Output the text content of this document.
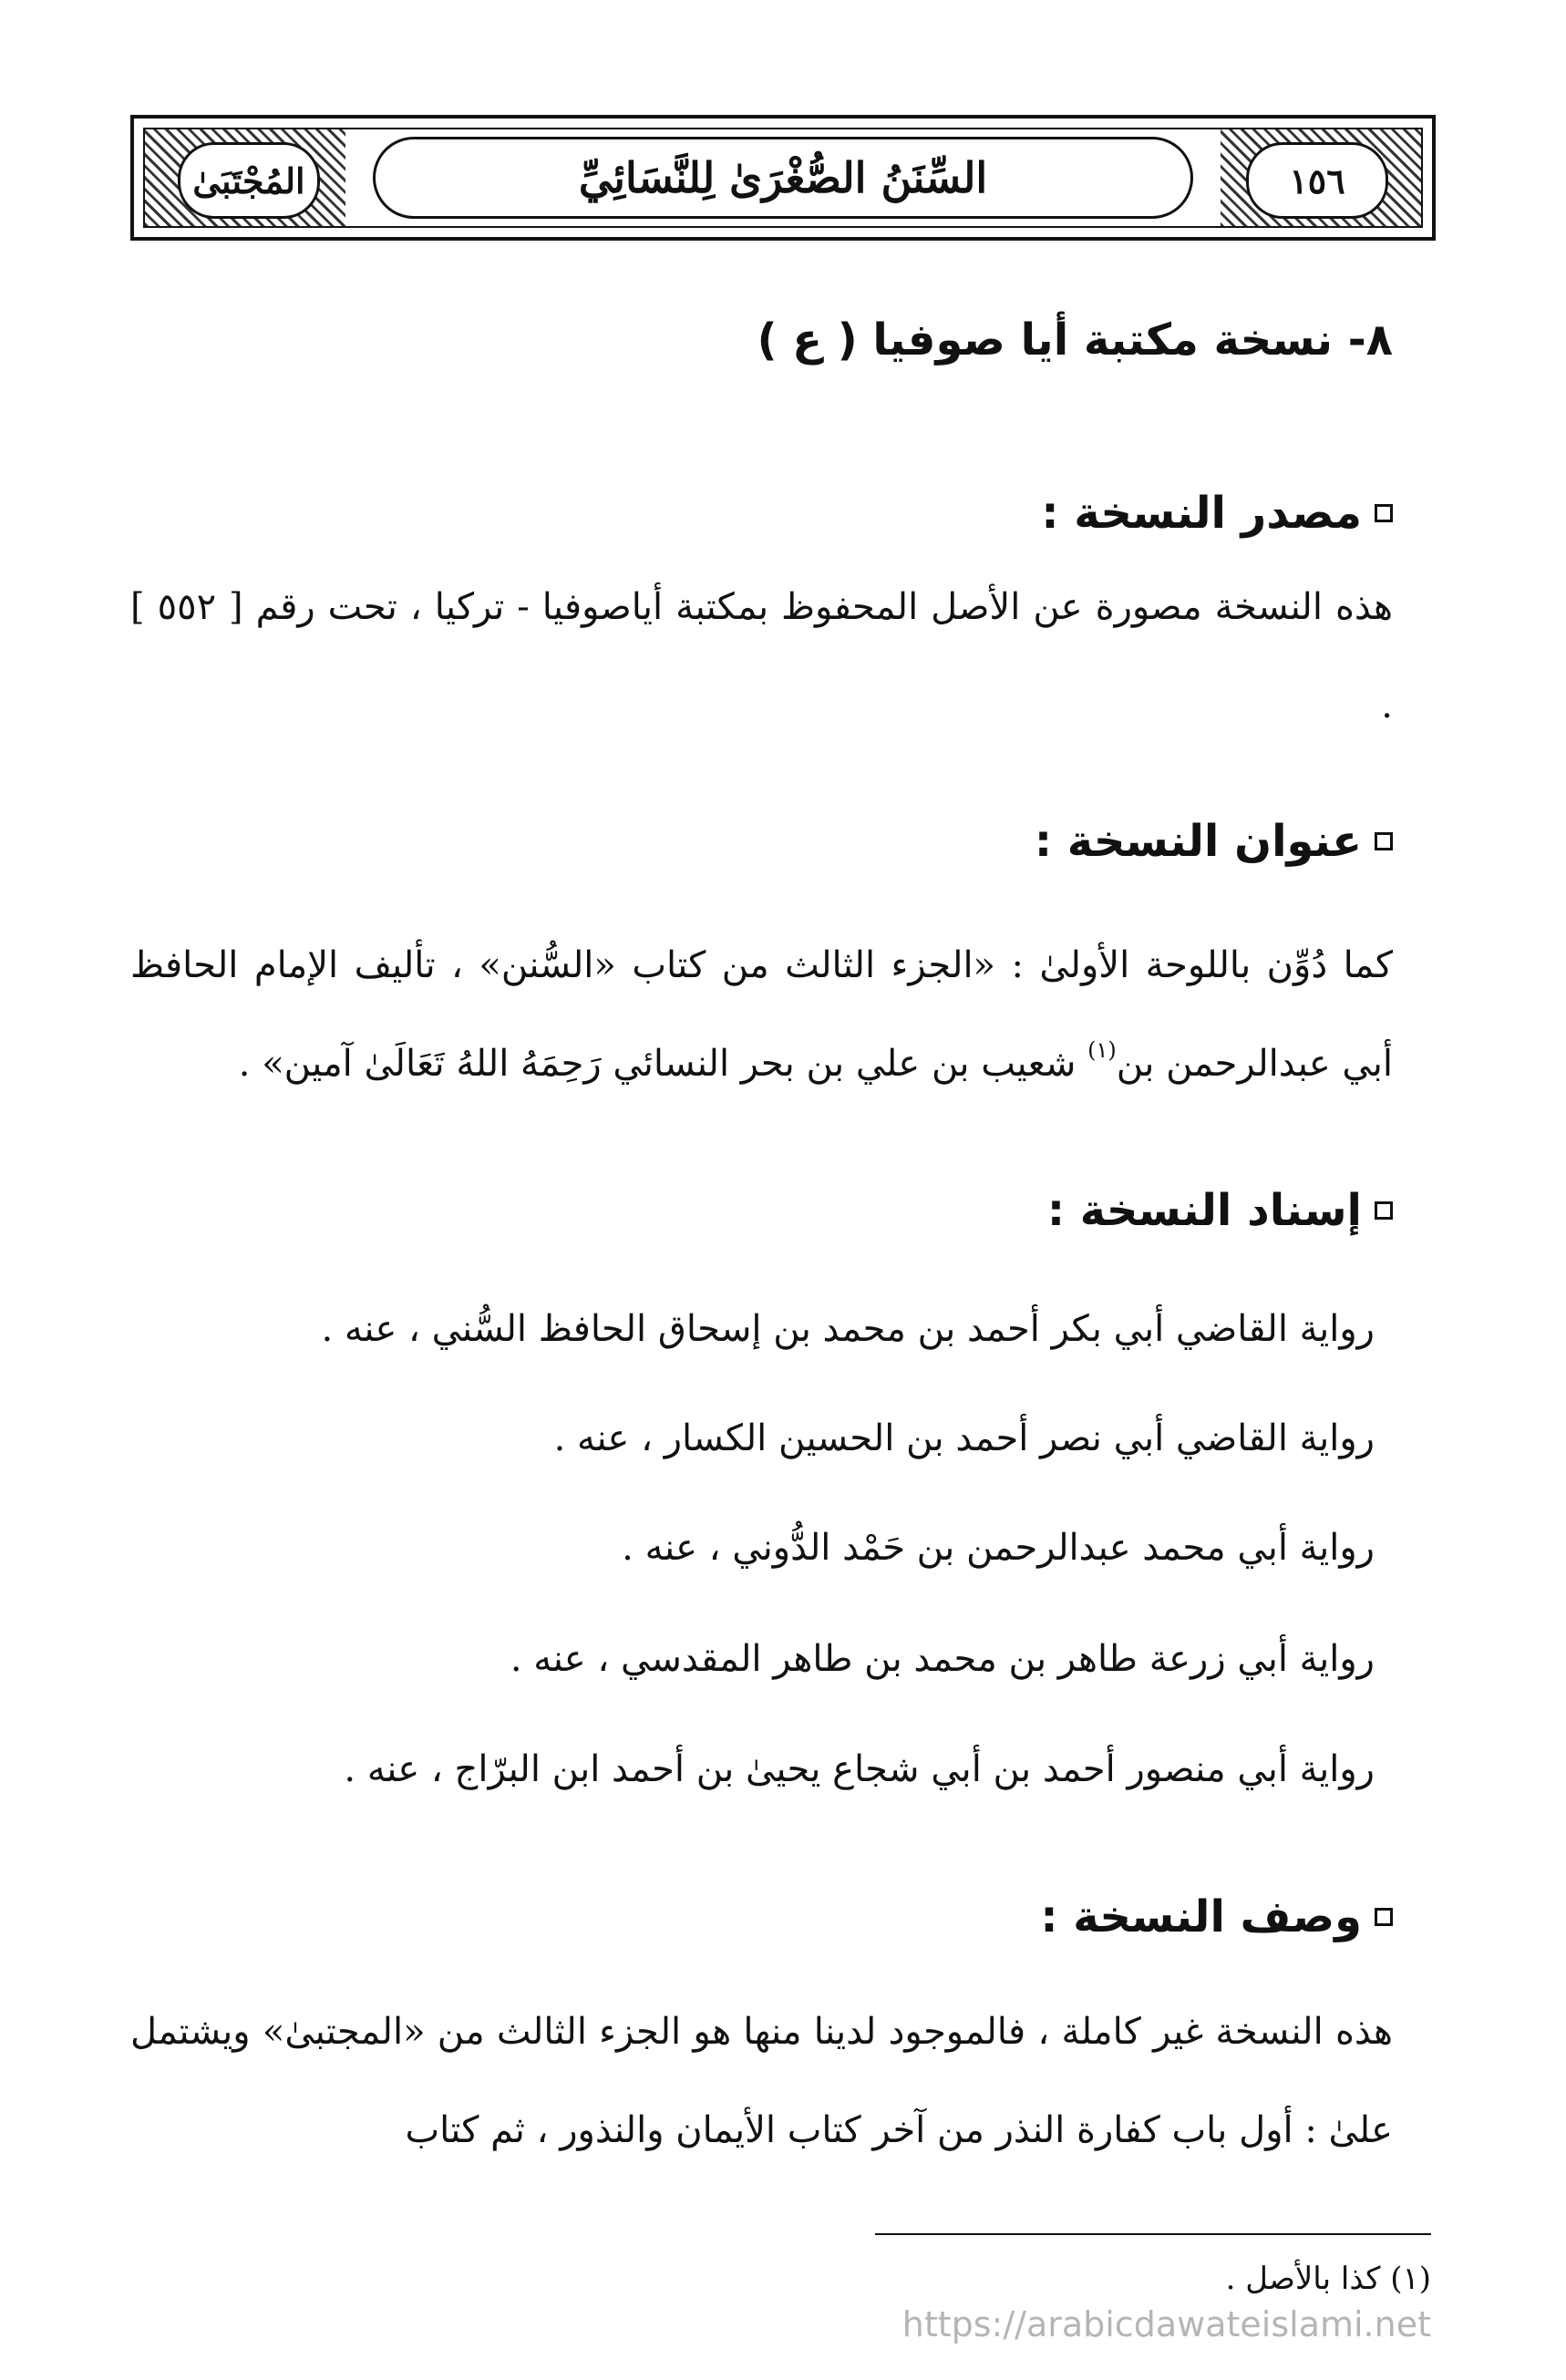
المُجْتَبَىٰ	١٥٦
السِّنَنُ الصُّغْرَىٰ لِلنَّسَائِيِّ
٨- نسخة مكتبة أيا صوفيا ( ع )
مصدر النسخة :
هذه النسخة مصورة عن الأصل المحفوظ بمكتبة أياصوفيا - تركيا ، تحت رقم [ ٥٥٢ ] .
عنوان النسخة :
كما دُوِّن باللوحة الأولىٰ : «الجزء الثالث من كتاب «السُّنن» ، تأليف الإمام الحافظ أبي عبدالرحمن بن$^{(١)}$ شعيب بن علي بن بحر النسائي رَحِمَهُ اللهُ تَعَالَىٰ آمين» .
إسناد النسخة :
رواية القاضي أبي بكر أحمد بن محمد بن إسحاق الحافظ السُّني ، عنه .
رواية القاضي أبي نصر أحمد بن الحسين الكسار ، عنه .
رواية أبي محمد عبدالرحمن بن حَمْد الدُّوني ، عنه .
رواية أبي زرعة طاهر بن محمد بن طاهر المقدسي ، عنه .
رواية أبي منصور أحمد بن أبي شجاع يحيىٰ بن أحمد ابن البرّاج ، عنه .
وصف النسخة :
هذه النسخة غير كاملة ، فالموجود لدينا منها هو الجزء الثالث من «المجتبىٰ» ويشتمل علىٰ : أول باب كفارة النذر من آخر كتاب الأيمان والنذور ، ثم كتاب
(١) كذا بالأصل .
https://arabicdawateislami.net
